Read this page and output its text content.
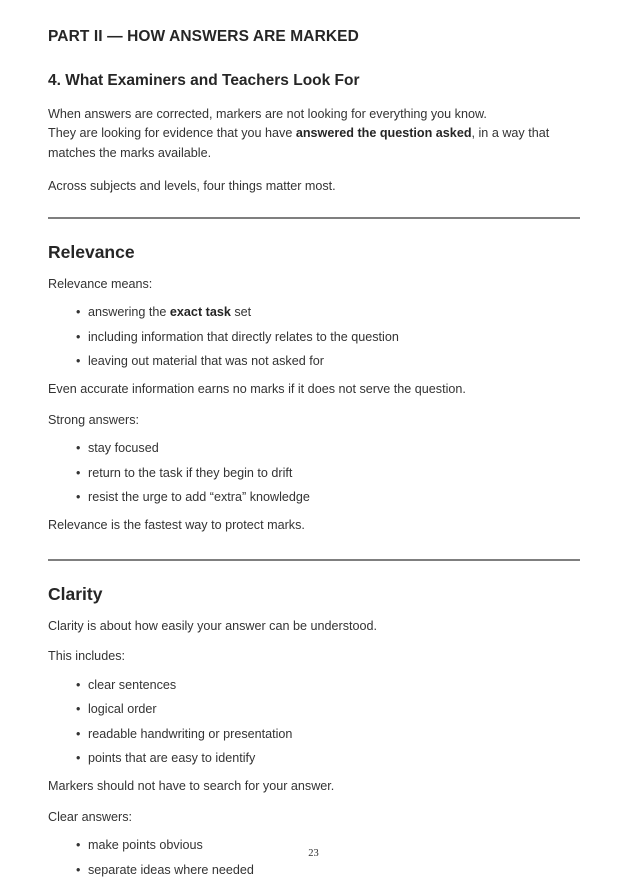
PART II — HOW ANSWERS ARE MARKED
4. What Examiners and Teachers Look For

When answers are corrected, markers are not looking for everything you know.
They are looking for evidence that you have answered the question asked, in a way that matches the marks available.

Across subjects and levels, four things matter most.

Relevance

Relevance means:

• answering the exact task set
• including information that directly relates to the question
• leaving out material that was not asked for

Even accurate information earns no marks if it does not serve the question.

Strong answers:

• stay focused
• return to the task if they begin to drift
• resist the urge to add “extra” knowledge

Relevance is the fastest way to protect marks.

Clarity

Clarity is about how easily your answer can be understood.

This includes:

• clear sentences
• logical order
• readable handwriting or presentation
• points that are easy to identify

Markers should not have to search for your answer.

Clear answers:

• make points obvious
• separate ideas where needed
23
